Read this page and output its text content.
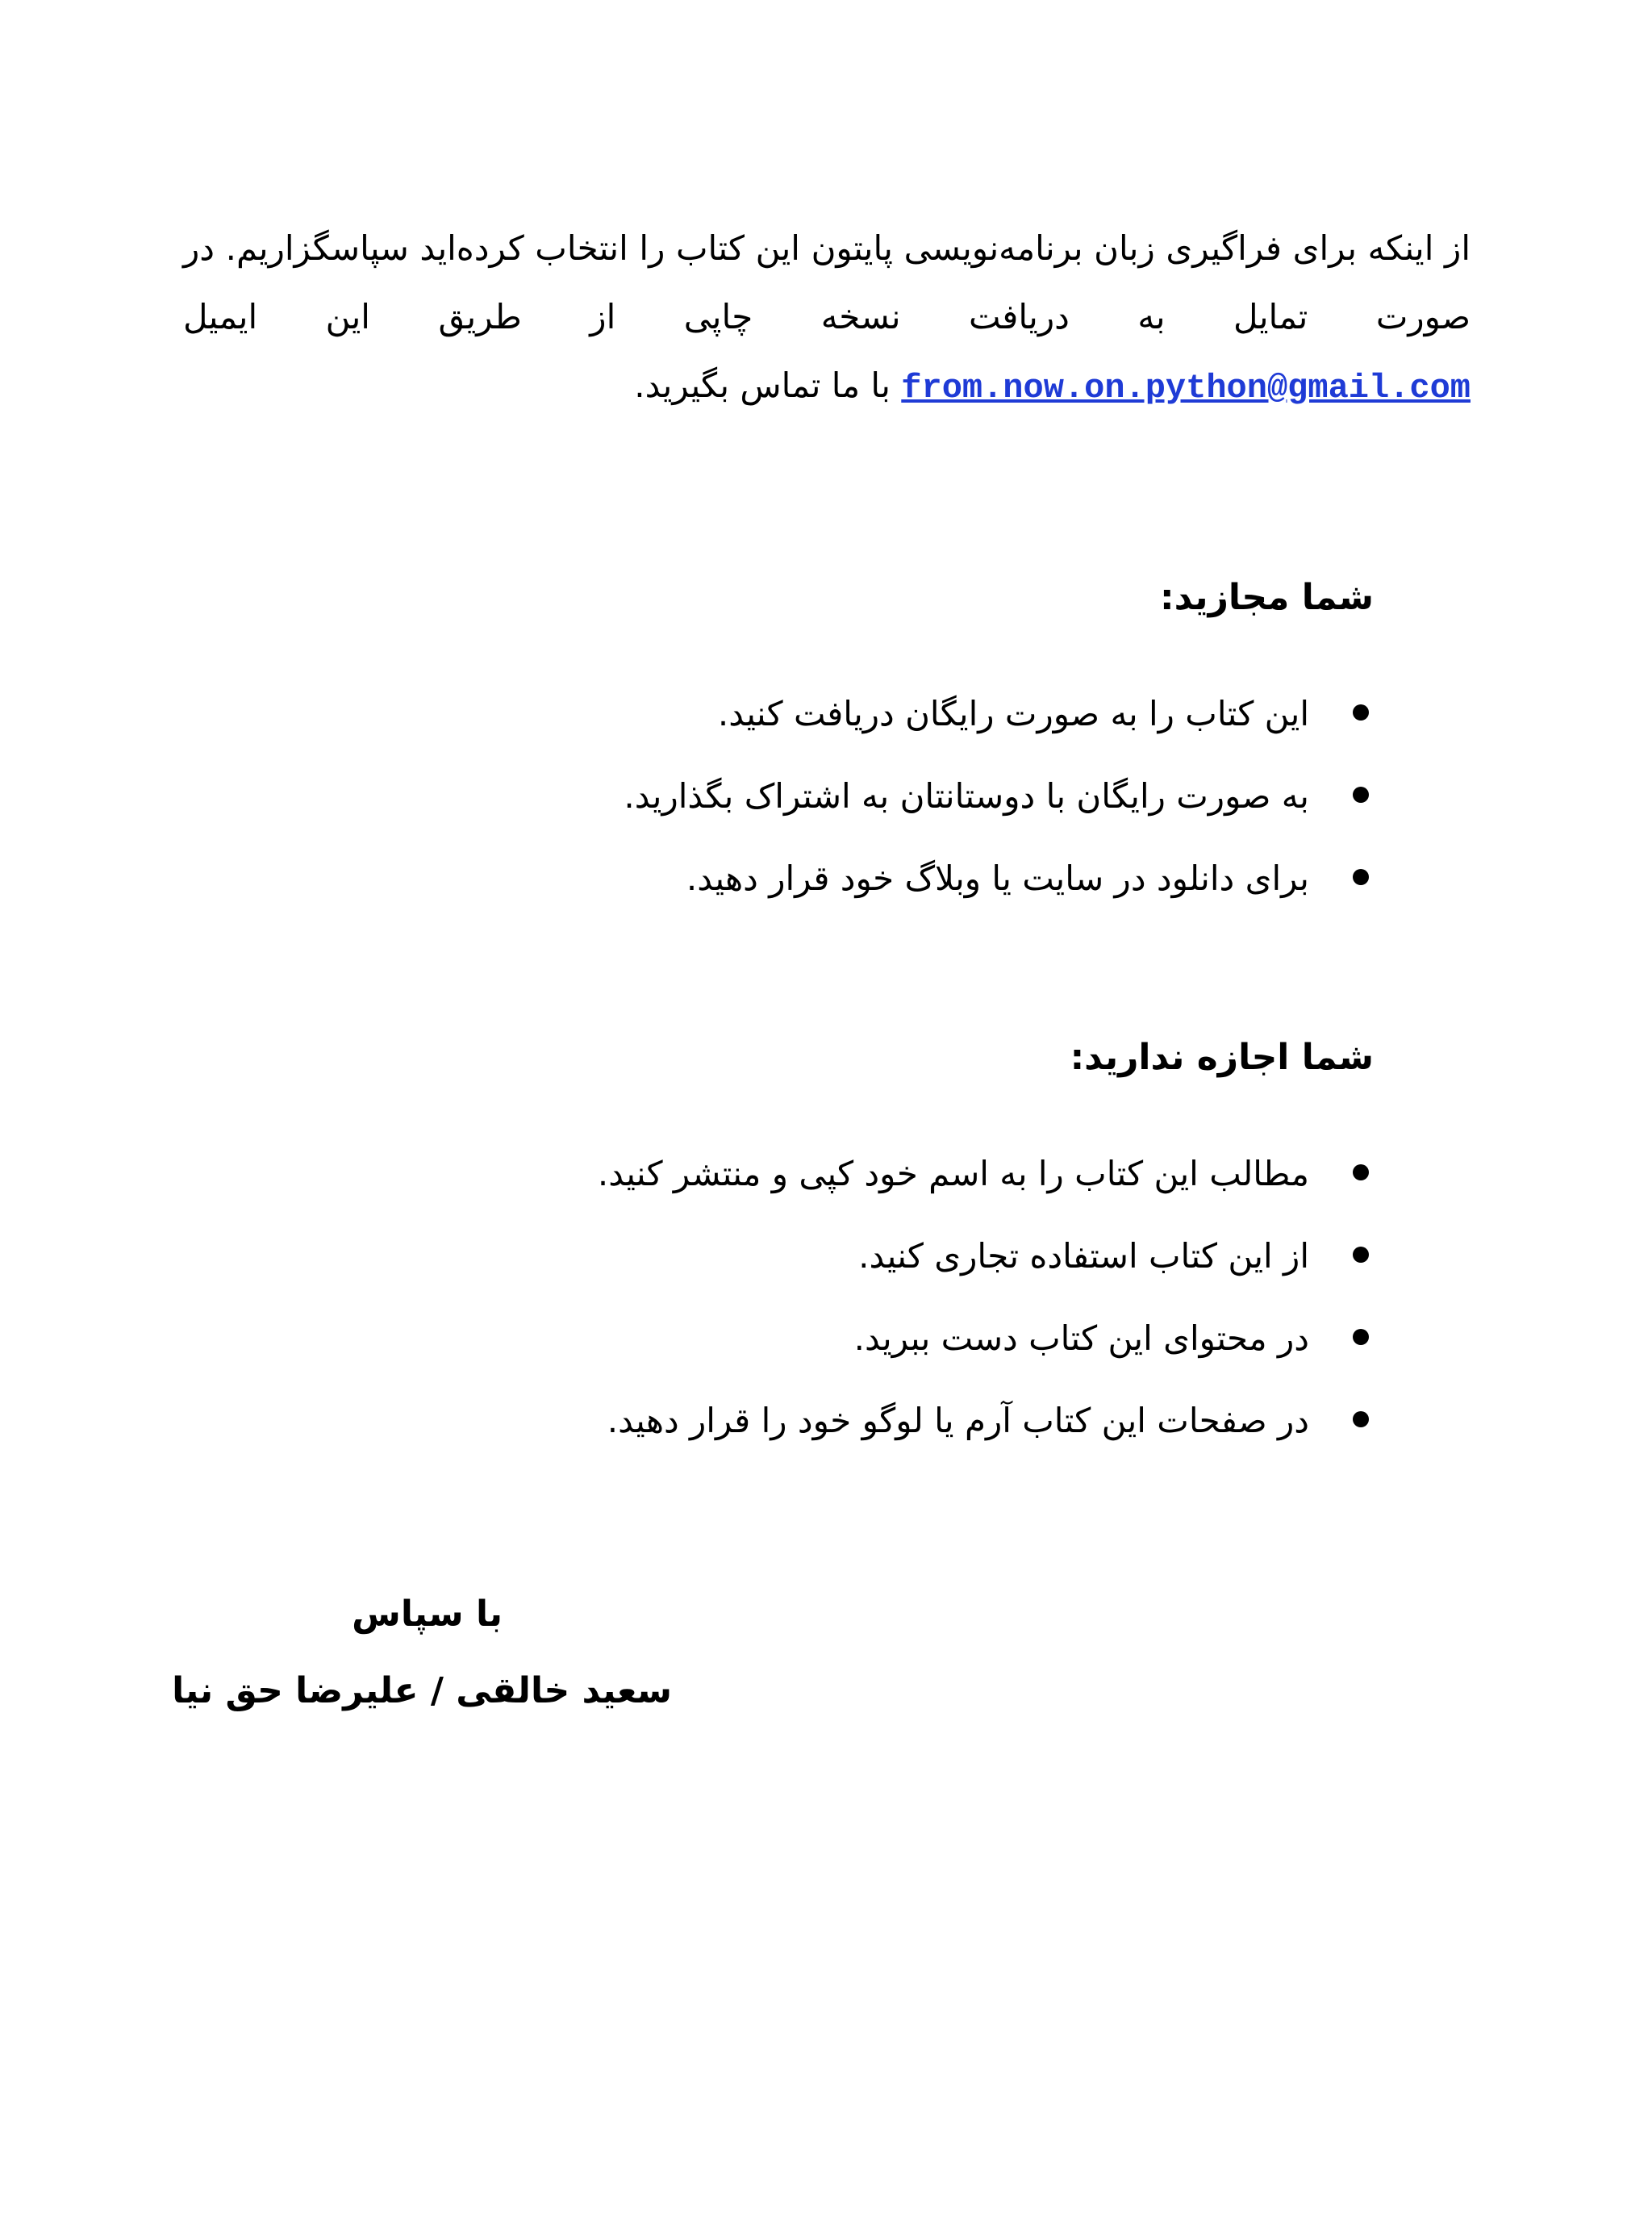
از اینکه برای فراگیری زبان برنامه‌نویسی پایتون این کتاب را انتخاب کرده‌اید سپاسگزاریم. در صورت تمایل به دریافت نسخه چاپی از طریق این ایمیل from.now.on.python@gmail.com با ما تماس بگیرید.

شما مجازید:
این کتاب را به صورت رایگان دریافت کنید.
به صورت رایگان با دوستانتان به اشتراک بگذارید.
برای دانلود در سایت یا وبلاگ خود قرار دهید.
شما اجازه ندارید:
مطالب این کتاب را به اسم خود کپی و منتشر کنید.
از این کتاب استفاده تجاری کنید.
در محتوای این کتاب دست ببرید.
در صفحات این کتاب آرم یا لوگو خود را قرار دهید.
با سپاس
سعید خالقی / علیرضا حق نیا
